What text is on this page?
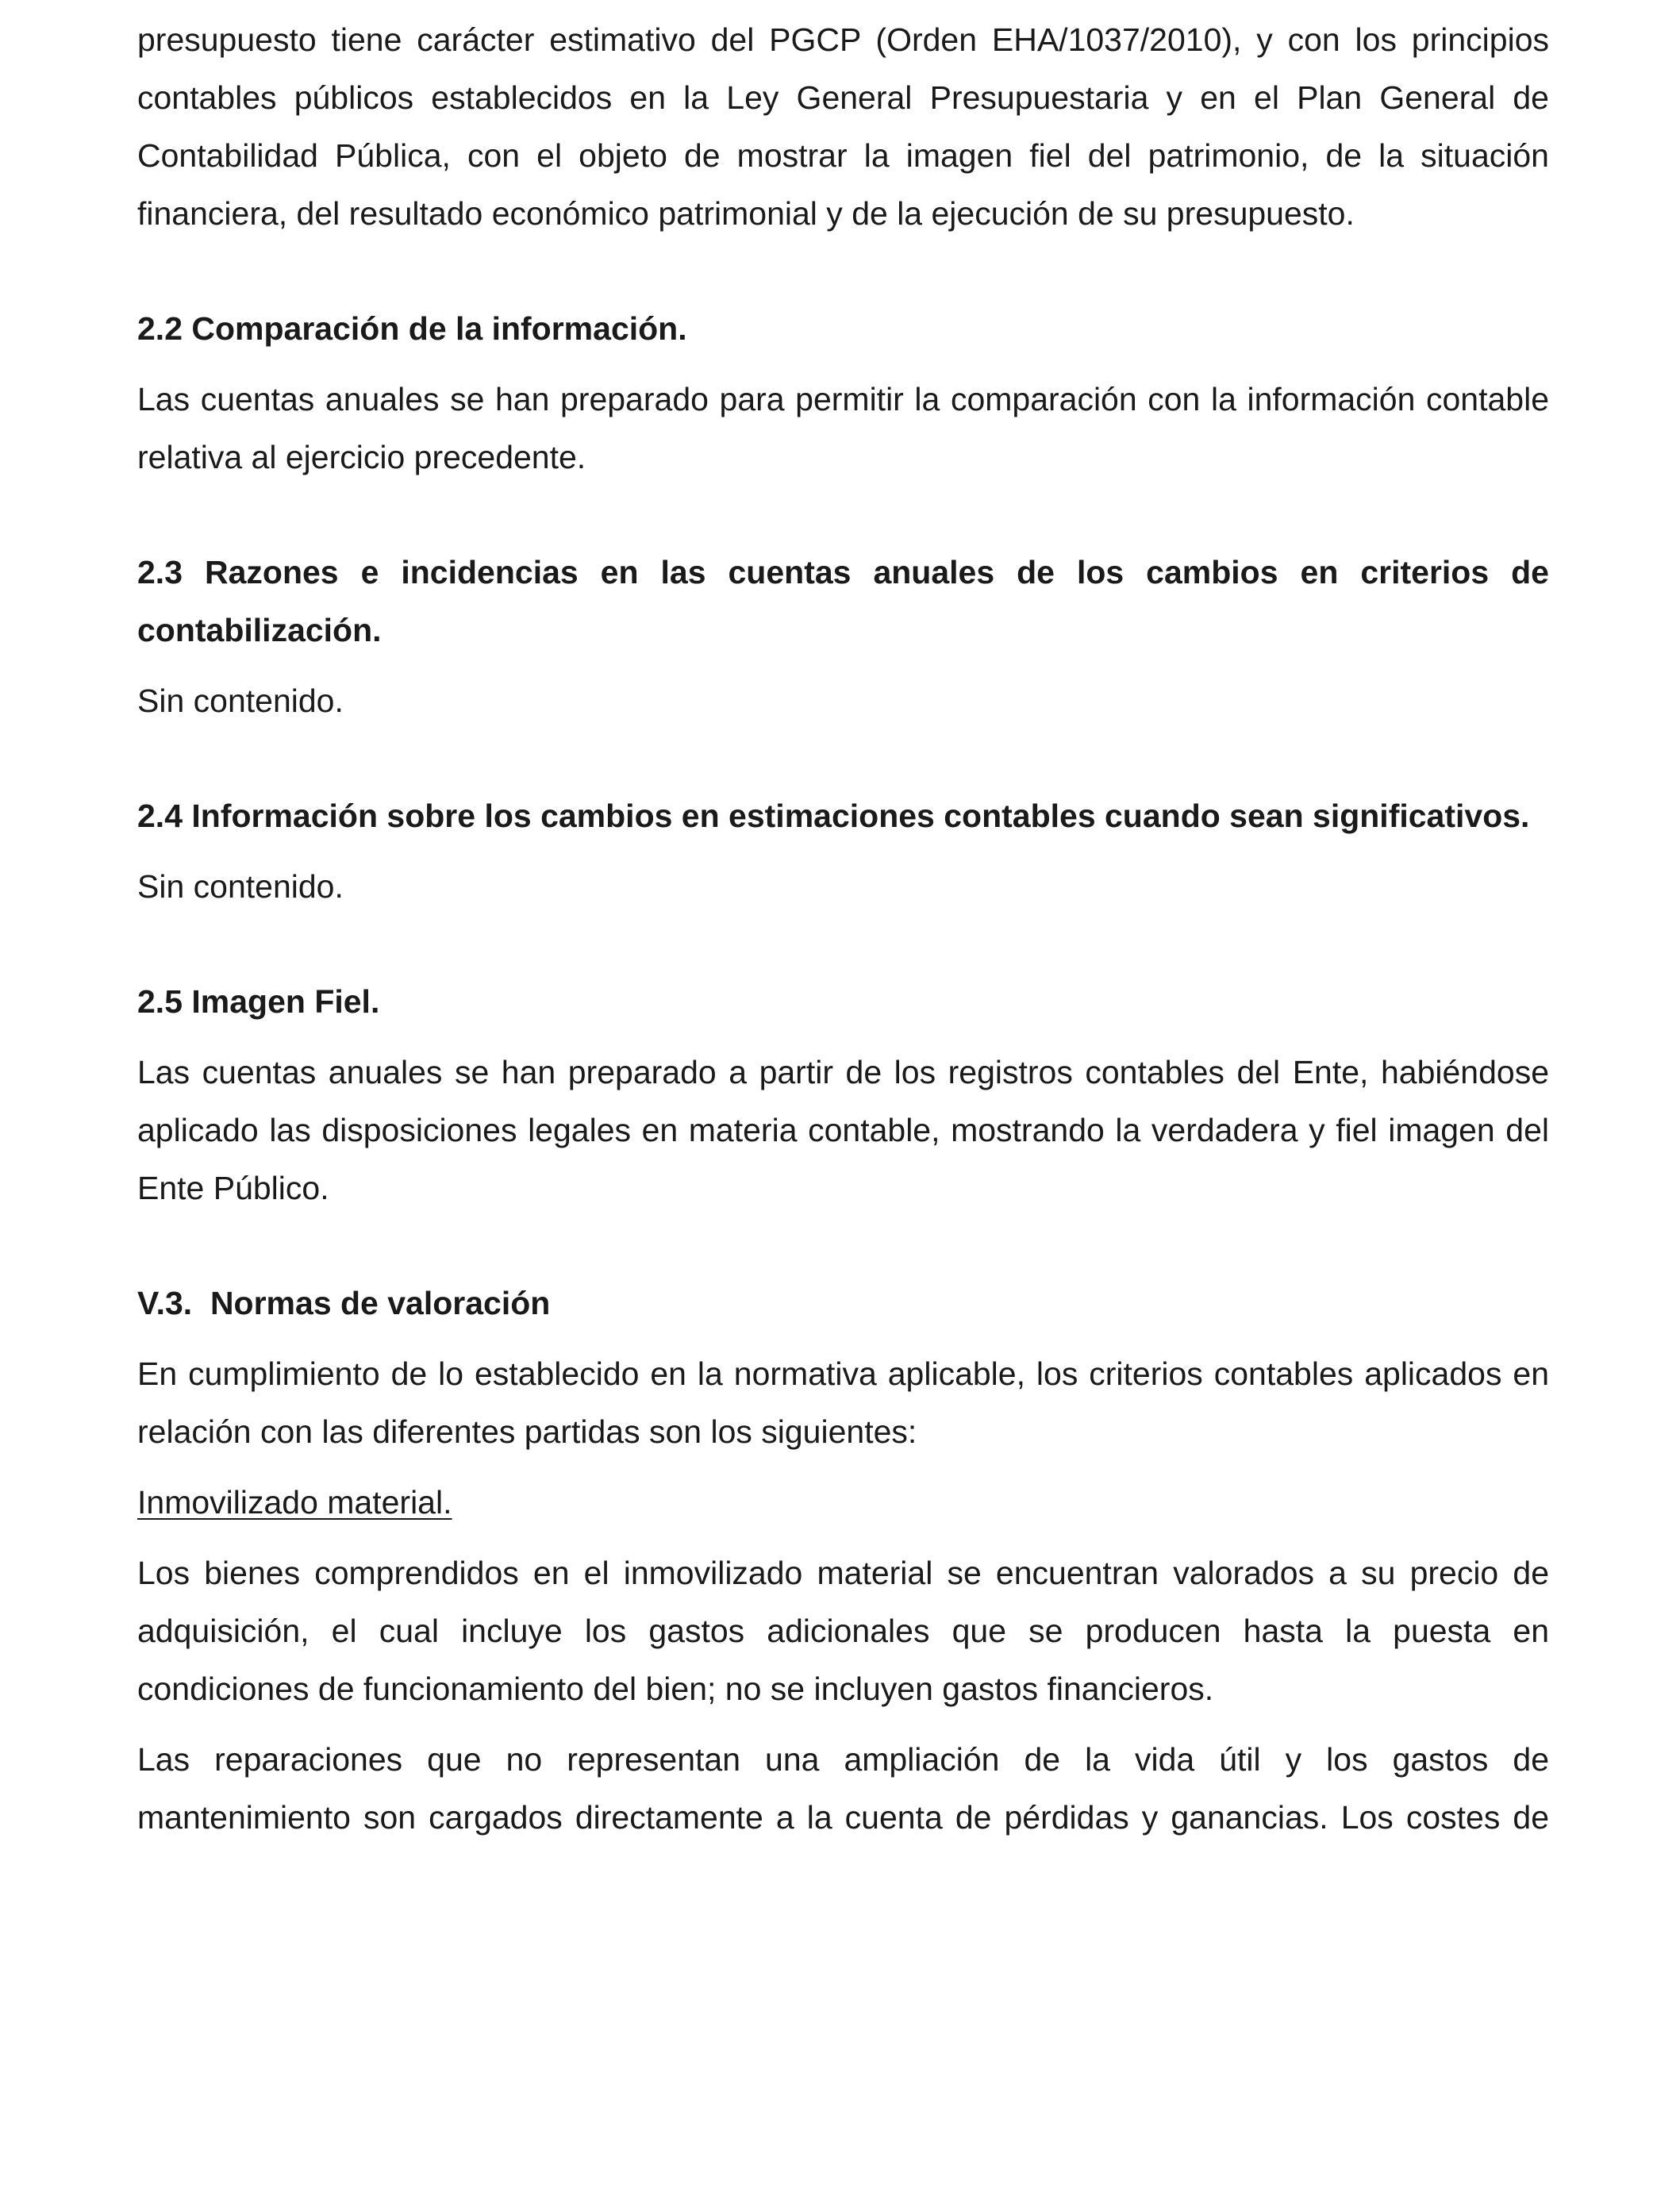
presupuesto tiene carácter estimativo del PGCP (Orden EHA/1037/2010), y con los principios contables públicos establecidos en la Ley General Presupuestaria y en el Plan General de Contabilidad Pública, con el objeto de mostrar la imagen fiel del patrimonio, de la situación financiera, del resultado económico patrimonial y de la ejecución de su presupuesto.

2.2 Comparación de la información.

Las cuentas anuales se han preparado para permitir la comparación con la información contable relativa al ejercicio precedente.

2.3 Razones e incidencias en las cuentas anuales de los cambios en criterios de contabilización.

Sin contenido.

2.4 Información sobre los cambios en estimaciones contables cuando sean significativos.

Sin contenido.

2.5 Imagen Fiel.

Las cuentas anuales se han preparado a partir de los registros contables del Ente, habiéndose aplicado las disposiciones legales en materia contable, mostrando la verdadera y fiel imagen del Ente Público.

V.3.  Normas de valoración

En cumplimiento de lo establecido en la normativa aplicable, los criterios contables aplicados en relación con las diferentes partidas son los siguientes:

Inmovilizado material.

Los bienes comprendidos en el inmovilizado material se encuentran valorados a su precio de adquisición, el cual incluye los gastos adicionales que se producen hasta la puesta en condiciones de funcionamiento del bien; no se incluyen gastos financieros.

Las reparaciones que no representan una ampliación de la vida útil y los gastos de mantenimiento son cargados directamente a la cuenta de pérdidas y ganancias. Los costes de
